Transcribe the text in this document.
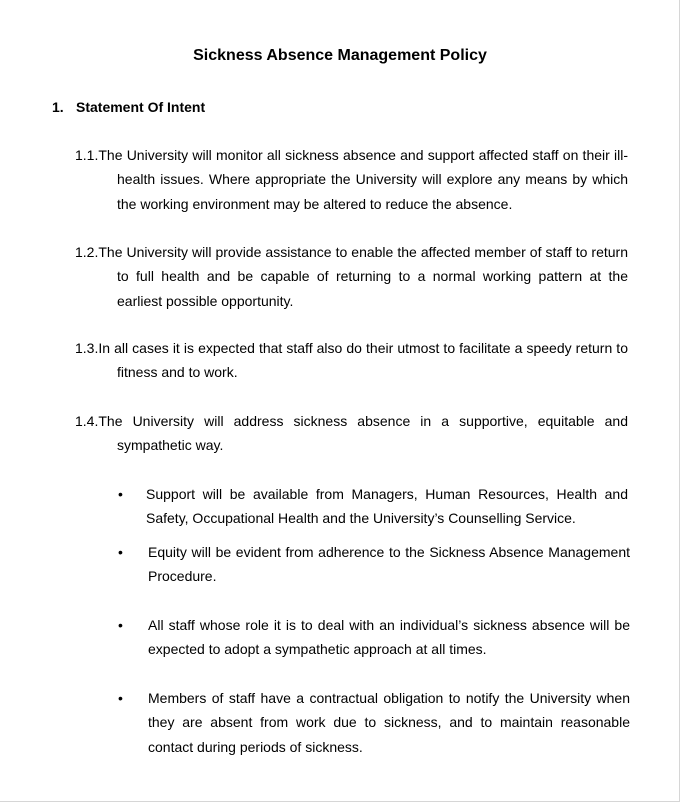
Sickness Absence Management Policy
1. Statement Of Intent
1.1.The University will monitor all sickness absence and support affected staff on their ill-health issues. Where appropriate the University will explore any means by which the working environment may be altered to reduce the absence.
1.2.The University will provide assistance to enable the affected member of staff to return to full health and be capable of returning to a normal working pattern at the earliest possible opportunity.
1.3.In all cases it is expected that staff also do their utmost to facilitate a speedy return to fitness and to work.
1.4.The University will address sickness absence in a supportive, equitable and sympathetic way.
• Support will be available from Managers, Human Resources, Health and Safety, Occupational Health and the University’s Counselling Service.
• Equity will be evident from adherence to the Sickness Absence Management Procedure.
• All staff whose role it is to deal with an individual’s sickness absence will be expected to adopt a sympathetic approach at all times.
• Members of staff have a contractual obligation to notify the University when they are absent from work due to sickness, and to maintain reasonable contact during periods of sickness.
